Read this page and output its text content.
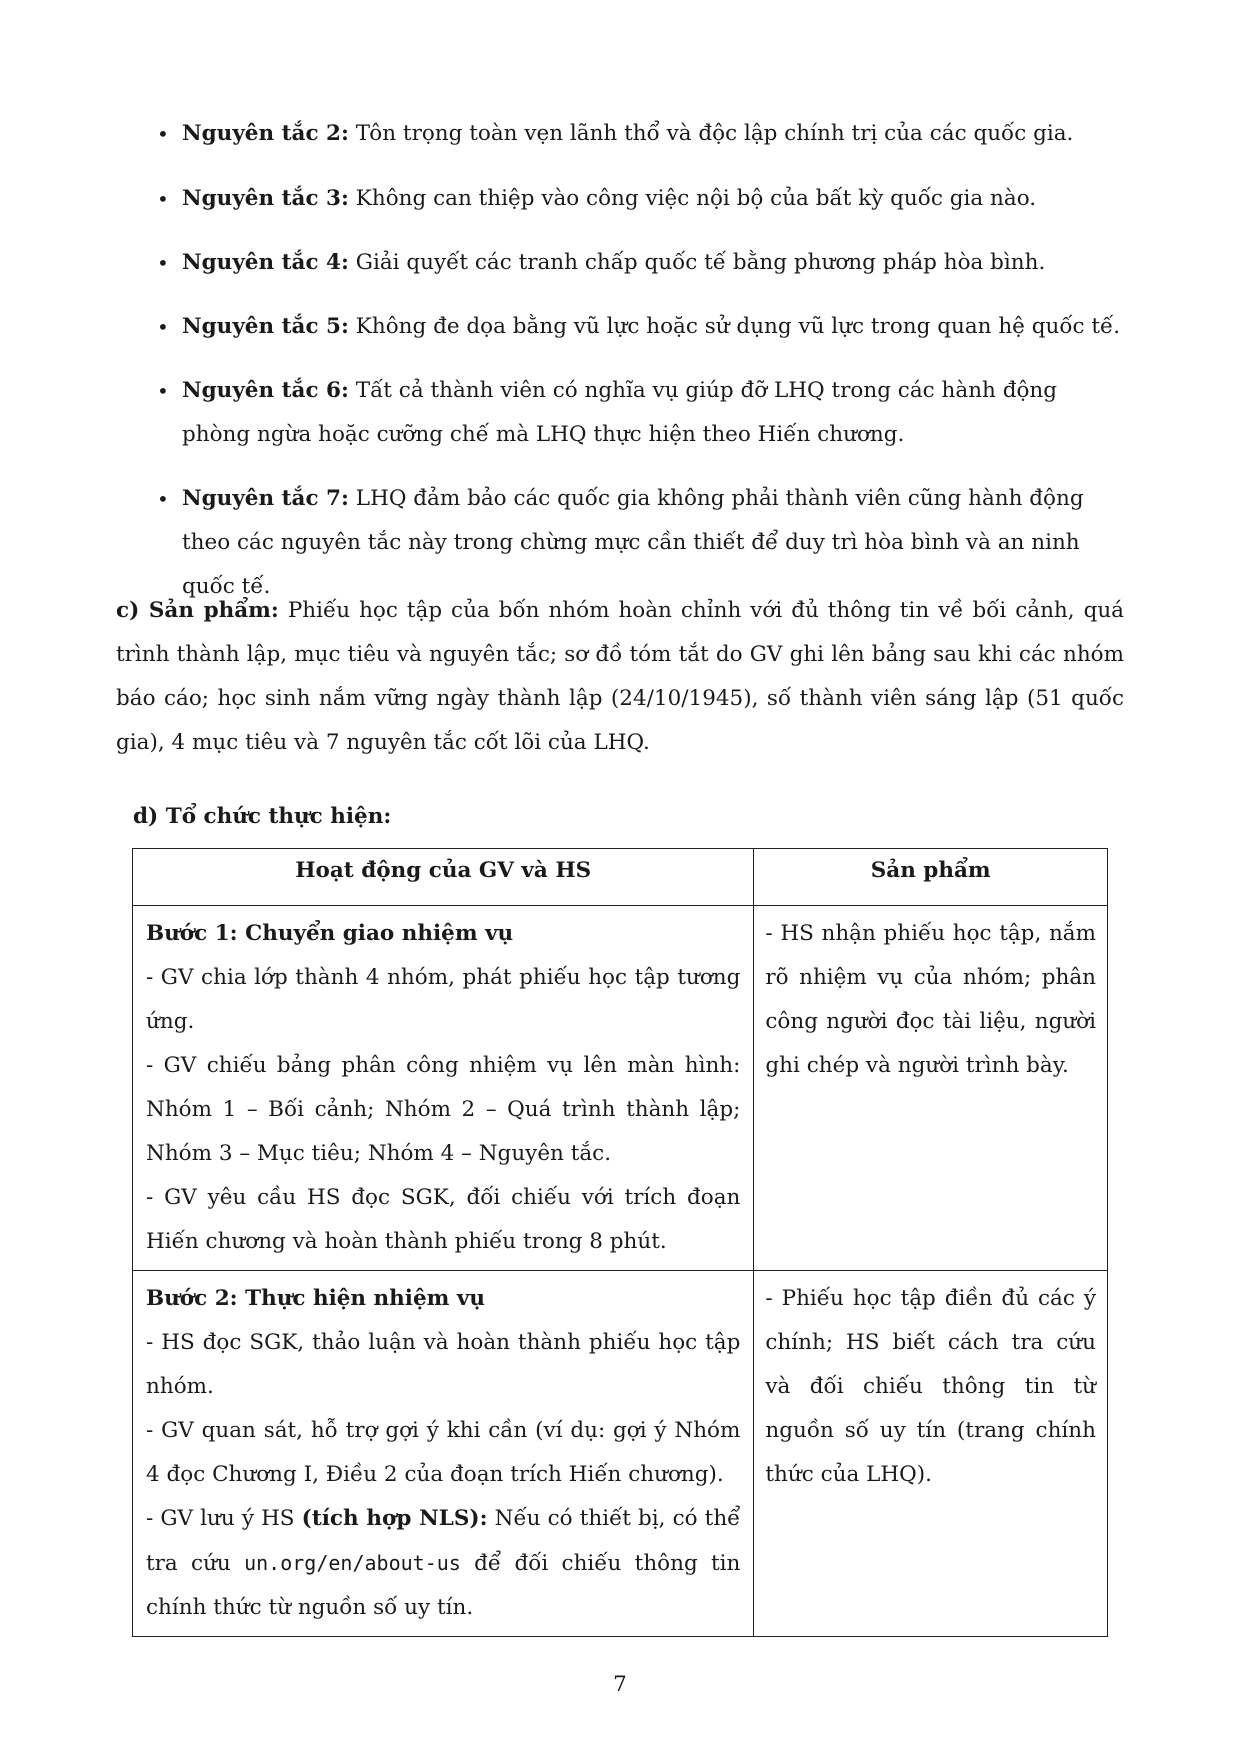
• Nguyên tắc 2: Tôn trọng toàn vẹn lãnh thổ và độc lập chính trị của các quốc gia.
• Nguyên tắc 3: Không can thiệp vào công việc nội bộ của bất kỳ quốc gia nào.
• Nguyên tắc 4: Giải quyết các tranh chấp quốc tế bằng phương pháp hòa bình.
• Nguyên tắc 5: Không đe dọa bằng vũ lực hoặc sử dụng vũ lực trong quan hệ quốc tế.
• Nguyên tắc 6: Tất cả thành viên có nghĩa vụ giúp đỡ LHQ trong các hành động phòng ngừa hoặc cưỡng chế mà LHQ thực hiện theo Hiến chương.
• Nguyên tắc 7: LHQ đảm bảo các quốc gia không phải thành viên cũng hành động theo các nguyên tắc này trong chừng mực cần thiết để duy trì hòa bình và an ninh quốc tế.

c) Sản phẩm: Phiếu học tập của bốn nhóm hoàn chỉnh với đủ thông tin về bối cảnh, quá trình thành lập, mục tiêu và nguyên tắc; sơ đồ tóm tắt do GV ghi lên bảng sau khi các nhóm báo cáo; học sinh nắm vững ngày thành lập (24/10/1945), số thành viên sáng lập (51 quốc gia), 4 mục tiêu và 7 nguyên tắc cốt lõi của LHQ.

d) Tổ chức thực hiện:

Hoạt động của GV và HS	Sản phẩm

Bước 1: Chuyển giao nhiệm vụ
- GV chia lớp thành 4 nhóm, phát phiếu học tập tương ứng.
- GV chiếu bảng phân công nhiệm vụ lên màn hình: Nhóm 1 – Bối cảnh; Nhóm 2 – Quá trình thành lập; Nhóm 3 – Mục tiêu; Nhóm 4 – Nguyên tắc.
- GV yêu cầu HS đọc SGK, đối chiếu với trích đoạn Hiến chương và hoàn thành phiếu trong 8 phút.	- HS nhận phiếu học tập, nắm rõ nhiệm vụ của nhóm; phân công người đọc tài liệu, người ghi chép và người trình bày.

Bước 2: Thực hiện nhiệm vụ
- HS đọc SGK, thảo luận và hoàn thành phiếu học tập nhóm.
- GV quan sát, hỗ trợ gợi ý khi cần (ví dụ: gợi ý Nhóm 4 đọc Chương I, Điều 2 của đoạn trích Hiến chương).
- GV lưu ý HS (tích hợp NLS): Nếu có thiết bị, có thể tra cứu un.org/en/about-us để đối chiếu thông tin chính thức từ nguồn số uy tín.	- Phiếu học tập điền đủ các ý chính; HS biết cách tra cứu và đối chiếu thông tin từ nguồn số uy tín (trang chính thức của LHQ).
7
